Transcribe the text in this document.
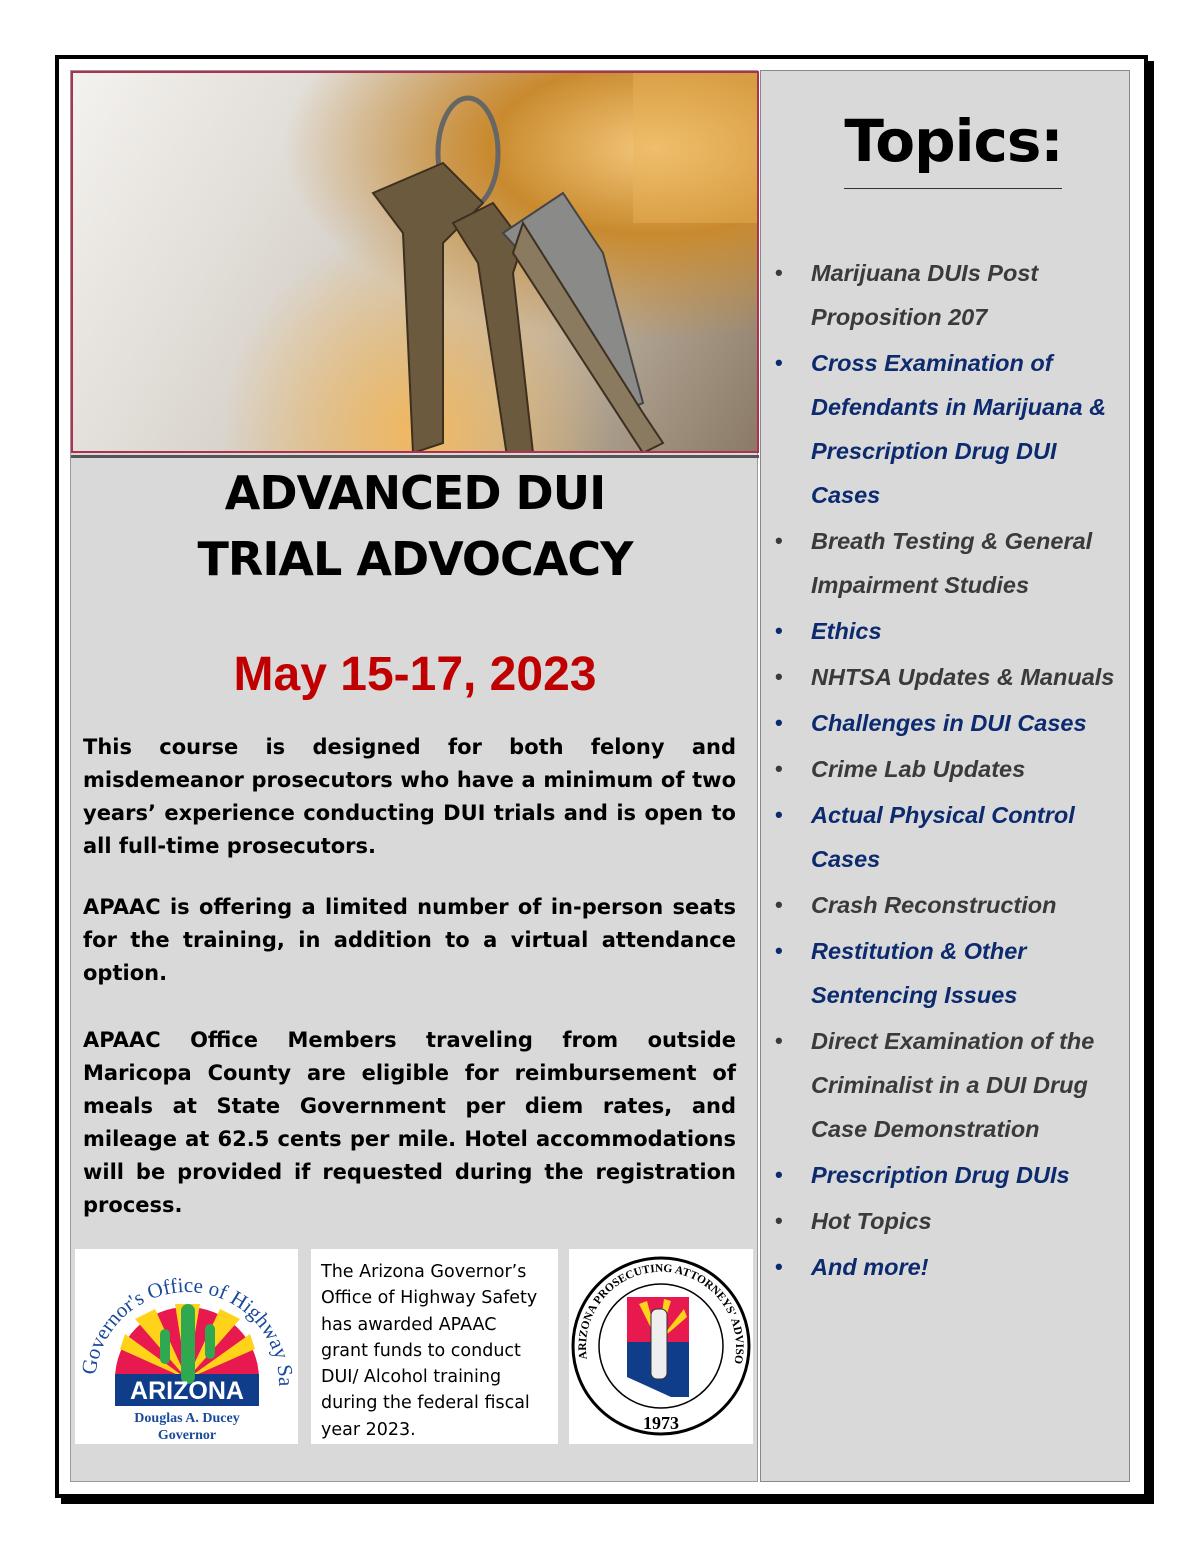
ADVANCED DUI
TRIAL ADVOCACY
May 15-17, 2023

This course is designed for both felony and misdemeanor prosecutors who have a minimum of two years’ experience conducting DUI trials and is open to all full-time prosecutors.

APAAC is offering a limited number of in-person seats for the training, in addition to a virtual attendance option.

APAAC Office Members traveling from outside Maricopa County are eligible for reimbursement of meals at State Government per diem rates, and mileage at 62.5 cents per mile. Hotel accommodations will be provided if requested during the registration process.

ARIZONA
Governor's Office of Highway Sa
Douglas A. Ducey
Governor
The Arizona Governor’s Office of Highway Safety has awarded APAAC grant funds to conduct DUI/ Alcohol training during the federal fiscal year 2023.
ARIZONA PROSECUTING ATTORNEYS' ADVISO
1973
Topics:
• Marijuana DUIs Post Proposition 207
• Cross Examination of Defendants in Marijuana & Prescription Drug DUI Cases
• Breath Testing & General Impairment Studies
• Ethics
• NHTSA Updates & Manuals
• Challenges in DUI Cases
• Crime Lab Updates
• Actual Physical Control Cases
• Crash Reconstruction
• Restitution & Other Sentencing Issues
• Direct Examination of the Criminalist in a DUI Drug Case Demonstration
• Prescription Drug DUIs
• Hot Topics
• And more!
